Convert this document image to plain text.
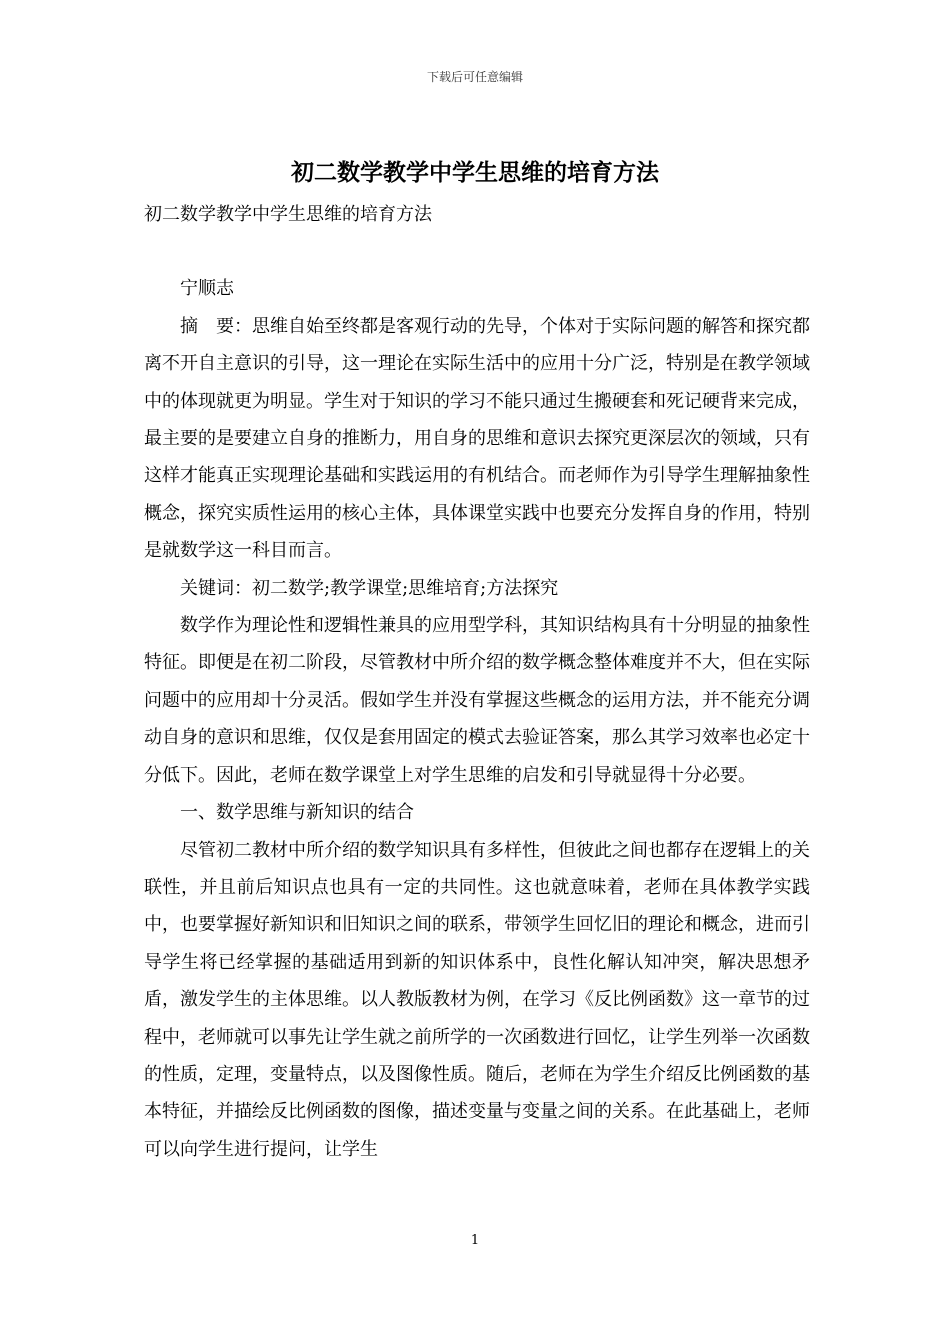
下载后可任意编辑
初二数学教学中学生思维的培育方法

初二数学教学中学生思维的培育方法

宁顺志

摘　要：思维自始至终都是客观行动的先导，个体对于实际问题的解答和探究都离不开自主意识的引导，这一理论在实际生活中的应用十分广泛，特别是在教学领域中的体现就更为明显。学生对于知识的学习不能只通过生搬硬套和死记硬背来完成，最主要的是要建立自身的推断力，用自身的思维和意识去探究更深层次的领域，只有这样才能真正实现理论基础和实践运用的有机结合。而老师作为引导学生理解抽象性概念，探究实质性运用的核心主体，具体课堂实践中也要充分发挥自身的作用，特别是就数学这一科目而言。

关键词：初二数学;教学课堂;思维培育;方法探究

数学作为理论性和逻辑性兼具的应用型学科，其知识结构具有十分明显的抽象性特征。即便是在初二阶段，尽管教材中所介绍的数学概念整体难度并不大，但在实际问题中的应用却十分灵活。假如学生并没有掌握这些概念的运用方法，并不能充分调动自身的意识和思维，仅仅是套用固定的模式去验证答案，那么其学习效率也必定十分低下。因此，老师在数学课堂上对学生思维的启发和引导就显得十分必要。

一、数学思维与新知识的结合

尽管初二教材中所介绍的数学知识具有多样性，但彼此之间也都存在逻辑上的关联性，并且前后知识点也具有一定的共同性。这也就意味着，老师在具体教学实践中，也要掌握好新知识和旧知识之间的联系，带领学生回忆旧的理论和概念，进而引导学生将已经掌握的基础适用到新的知识体系中，良性化解认知冲突，解决思想矛盾，激发学生的主体思维。以人教版教材为例，在学习《反比例函数》这一章节的过程中，老师就可以事先让学生就之前所学的一次函数进行回忆，让学生列举一次函数的性质，定理，变量特点，以及图像性质。随后，老师在为学生介绍反比例函数的基本特征，并描绘反比例函数的图像，描述变量与变量之间的关系。在此基础上，老师可以向学生进行提问，让学生

1
